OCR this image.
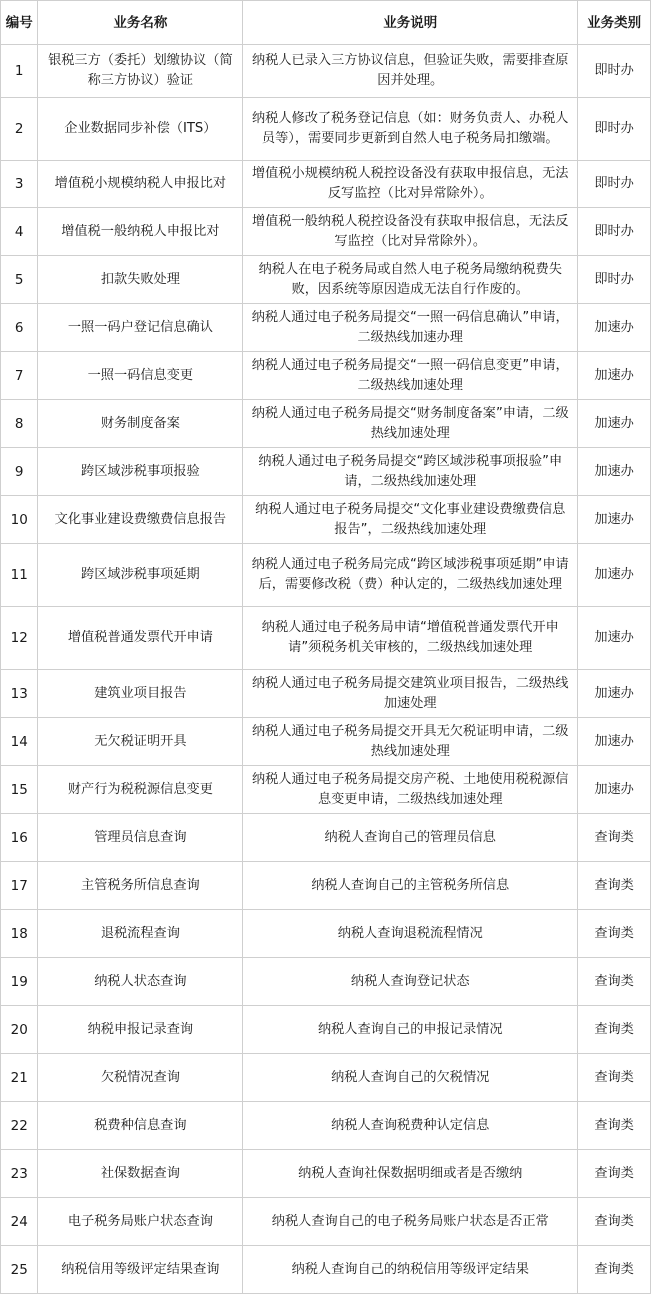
编号	业务名称	业务说明	业务类别
1	银税三方（委托）划缴协议（简称三方协议）验证	纳税人已录入三方协议信息，但验证失败，需要排查原因并处理。	即时办
2	企业数据同步补偿（ITS）	纳税人修改了税务登记信息（如：财务负责人、办税人员等），需要同步更新到自然人电子税务局扣缴端。	即时办
3	增值税小规模纳税人申报比对	增值税小规模纳税人税控设备没有获取申报信息，无法反写监控（比对异常除外）。	即时办
4	增值税一般纳税人申报比对	增值税一般纳税人税控设备没有获取申报信息，无法反写监控（比对异常除外）。	即时办
5	扣款失败处理	纳税人在电子税务局或自然人电子税务局缴纳税费失败，因系统等原因造成无法自行作废的。	即时办
6	一照一码户登记信息确认	纳税人通过电子税务局提交“一照一码信息确认”申请，二级热线加速办理	加速办
7	一照一码信息变更	纳税人通过电子税务局提交“一照一码信息变更”申请，二级热线加速处理	加速办
8	财务制度备案	纳税人通过电子税务局提交“财务制度备案”申请，二级热线加速处理	加速办
9	跨区域涉税事项报验	纳税人通过电子税务局提交“跨区域涉税事项报验”申请，二级热线加速处理	加速办
10	文化事业建设费缴费信息报告	纳税人通过电子税务局提交“文化事业建设费缴费信息报告”，二级热线加速处理	加速办
11	跨区域涉税事项延期	纳税人通过电子税务局完成“跨区域涉税事项延期”申请后，需要修改税（费）种认定的，二级热线加速处理	加速办
12	增值税普通发票代开申请	纳税人通过电子税务局申请“增值税普通发票代开申请”须税务机关审核的，二级热线加速处理	加速办
13	建筑业项目报告	纳税人通过电子税务局提交建筑业项目报告，二级热线加速处理	加速办
14	无欠税证明开具	纳税人通过电子税务局提交开具无欠税证明申请，二级热线加速处理	加速办
15	财产行为税税源信息变更	纳税人通过电子税务局提交房产税、土地使用税税源信息变更申请，二级热线加速处理	加速办
16	管理员信息查询	纳税人查询自己的管理员信息	查询类
17	主管税务所信息查询	纳税人查询自己的主管税务所信息	查询类
18	退税流程查询	纳税人查询退税流程情况	查询类
19	纳税人状态查询	纳税人查询登记状态	查询类
20	纳税申报记录查询	纳税人查询自己的申报记录情况	查询类
21	欠税情况查询	纳税人查询自己的欠税情况	查询类
22	税费种信息查询	纳税人查询税费种认定信息	查询类
23	社保数据查询	纳税人查询社保数据明细或者是否缴纳	查询类
24	电子税务局账户状态查询	纳税人查询自己的电子税务局账户状态是否正常	查询类
25	纳税信用等级评定结果查询	纳税人查询自己的纳税信用等级评定结果	查询类
